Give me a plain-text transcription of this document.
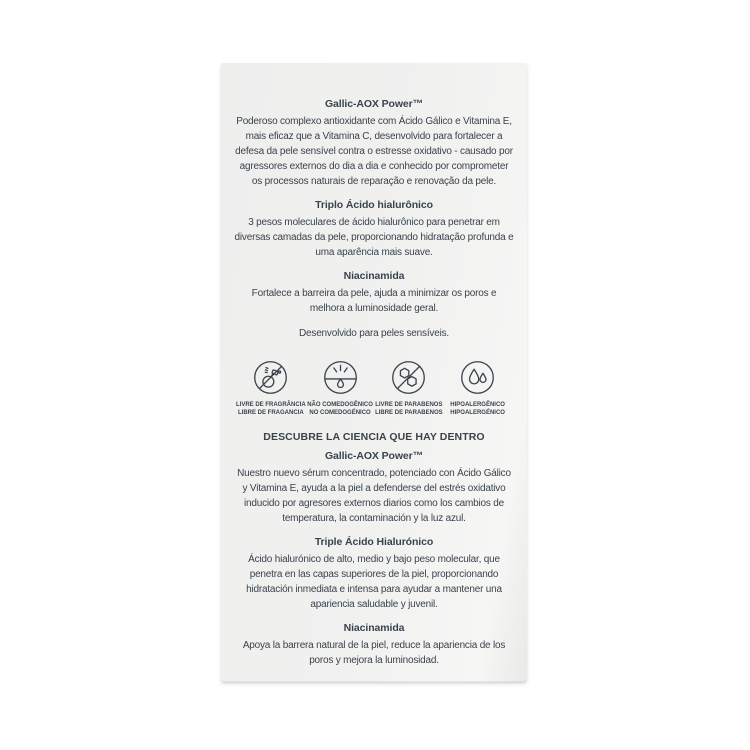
Gallic-AOX Power™

Poderoso complexo antioxidante com Ácido Gálico e Vitamina E, mais eficaz que a Vitamina C, desenvolvido para fortalecer a defesa da pele sensível contra o estresse oxidativo - causado por agressores externos do dia a dia e conhecido por comprometer os processos naturais de reparação e renovação da pele.

Triplo Ácido hialurônico

3 pesos moleculares de ácido hialurônico para penetrar em diversas camadas da pele, proporcionando hidratação profunda e uma aparência mais suave.

Niacinamida

Fortalece a barreira da pele, ajuda a minimizar os poros e melhora a luminosidade geral.

Desenvolvido para peles sensíveis.

LIVRE DE FRAGRÂNCIA
LIBRE DE FRAGANCIA
NÃO COMEDOGÊNICO
NO COMEDOGÉNICO
LIVRE DE PARABENOS
LIBRE DE PARABENOS
HIPOALERGÊNICO
HIPOALERGÉNICO
DESCUBRE LA CIENCIA QUE HAY DENTRO
Gallic-AOX Power™

Nuestro nuevo sérum concentrado, potenciado con Ácido Gálico y Vitamina E, ayuda a la piel a defenderse del estrés oxidativo inducido por agresores externos diarios como los cambios de temperatura, la contaminación y la luz azul.

Triple Ácido Hialurónico

Ácido hialurónico de alto, medio y bajo peso molecular, que penetra en las capas superiores de la piel, proporcionando hidratación inmediata e intensa para ayudar a mantener una apariencia saludable y juvenil.

Niacinamida

Apoya la barrera natural de la piel, reduce la apariencia de los poros y mejora la luminosidad.
